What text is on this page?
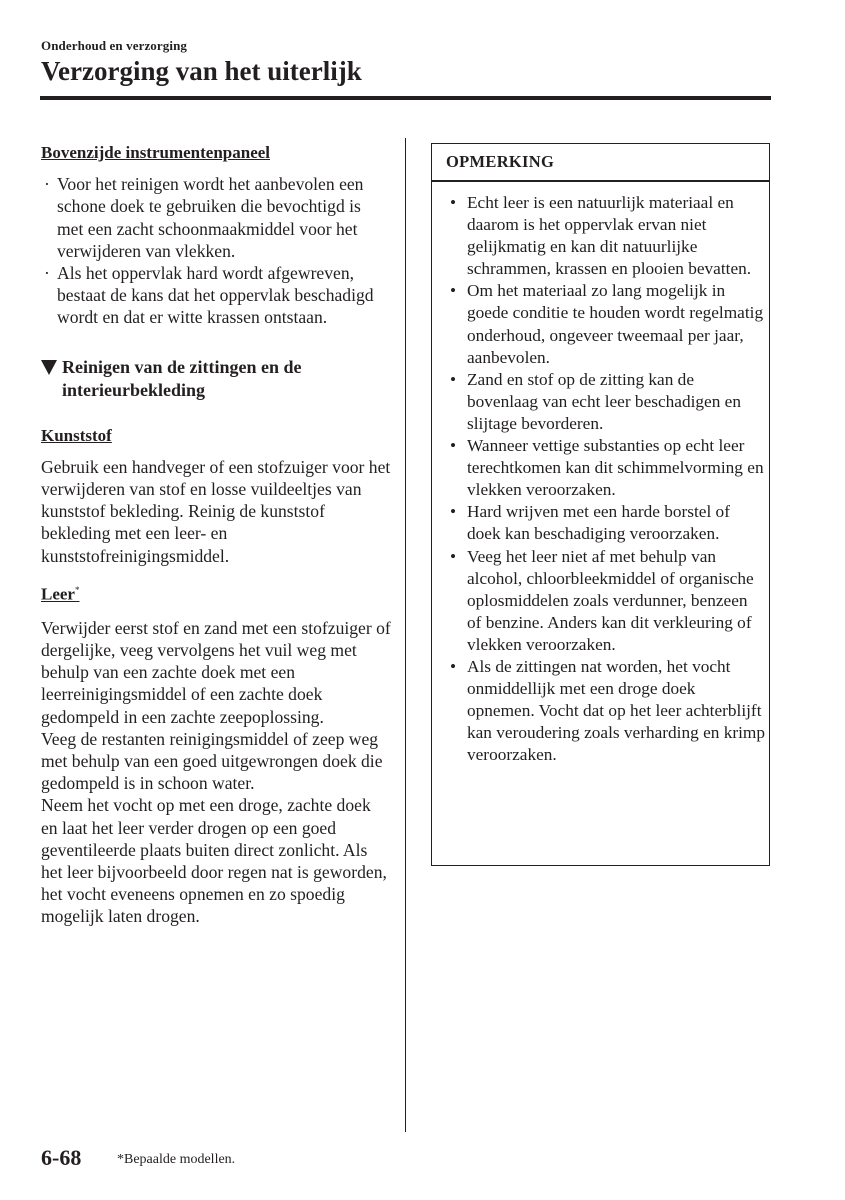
Onderhoud en verzorging
Verzorging van het uiterlijk

Bovenzijde instrumentenpaneel

· Voor het reinigen wordt het aanbevolen een schone doek te gebruiken die bevochtigd is met een zacht schoonmaakmiddel voor het verwijderen van vlekken.
· Als het oppervlak hard wordt afgewreven, bestaat de kans dat het oppervlak beschadigd wordt en dat er witte krassen ontstaan.
Reinigen van de zittingen en de interieurbekleding

Kunststof

Gebruik een handveger of een stofzuiger voor het verwijderen van stof en losse vuildeeltjes van kunststof bekleding. Reinig de kunststof bekleding met een leer- en kunststofreinigingsmiddel.

Leer*

Verwijder eerst stof en zand met een stofzuiger of dergelijke, veeg vervolgens het vuil weg met behulp van een zachte doek met een leerreinigingsmiddel of een zachte doek gedompeld in een zachte zeepoplossing.

Veeg de restanten reinigingsmiddel of zeep weg met behulp van een goed uitgewrongen doek die gedompeld is in schoon water.

Neem het vocht op met een droge, zachte doek en laat het leer verder drogen op een goed geventileerde plaats buiten direct zonlicht. Als het leer bijvoorbeeld door regen nat is geworden, het vocht eveneens opnemen en zo spoedig mogelijk laten drogen.

OPMERKING
• Echt leer is een natuurlijk materiaal en daarom is het oppervlak ervan niet gelijkmatig en kan dit natuurlijke schrammen, krassen en plooien bevatten.
• Om het materiaal zo lang mogelijk in goede conditie te houden wordt regelmatig onderhoud, ongeveer tweemaal per jaar, aanbevolen.
• Zand en stof op de zitting kan de bovenlaag van echt leer beschadigen en slijtage bevorderen.
• Wanneer vettige substanties op echt leer terechtkomen kan dit schimmelvorming en vlekken veroorzaken.
• Hard wrijven met een harde borstel of doek kan beschadiging veroorzaken.
• Veeg het leer niet af met behulp van alcohol, chloorbleekmiddel of organische oplosmiddelen zoals verdunner, benzeen of benzine. Anders kan dit verkleuring of vlekken veroorzaken.
• Als de zittingen nat worden, het vocht onmiddellijk met een droge doek opnemen. Vocht dat op het leer achterblijft kan veroudering zoals verharding en krimp veroorzaken.
6-68	*Bepaalde modellen.
